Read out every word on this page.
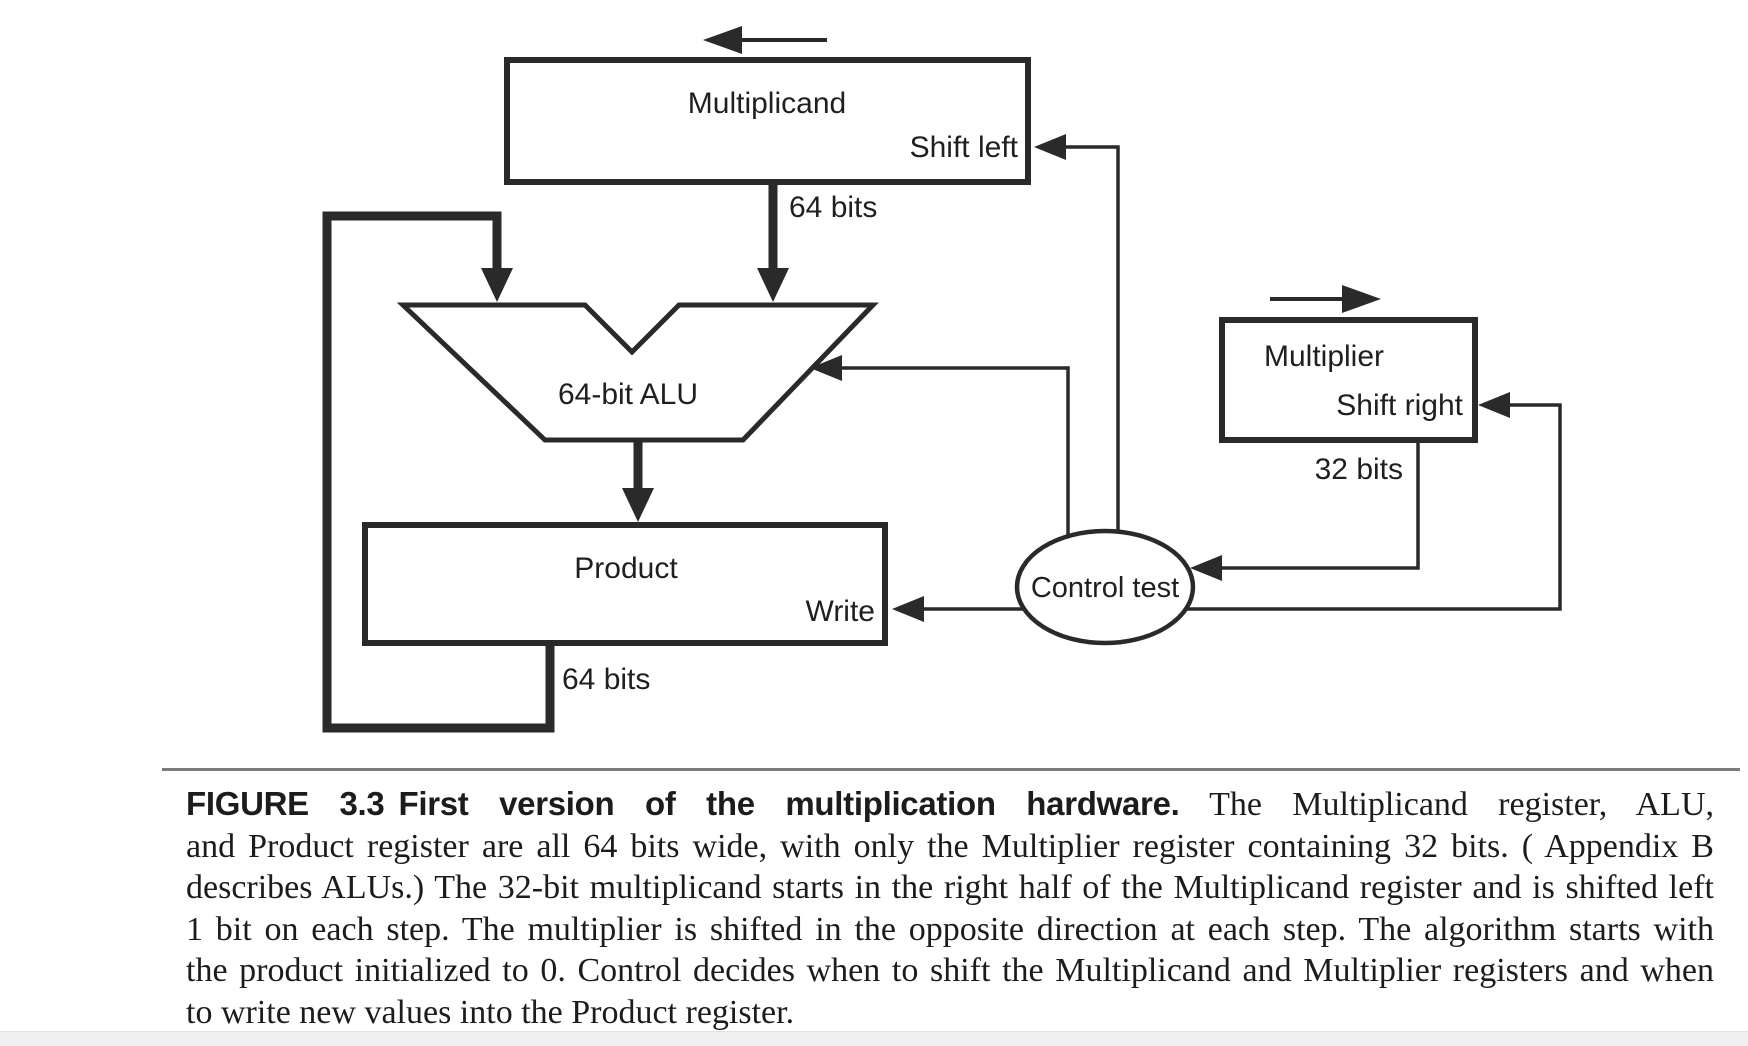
Multiplicand
Shift left
64 bits
64-bit ALU
Product
Write
64 bits
Multiplier
Shift right
32 bits
Control test
FIGURE 3.3 First version of the multiplication hardware. The Multiplicand register, ALU,
and Product register are all 64 bits wide, with only the Multiplier register containing 32 bits. ( Appendix B
describes ALUs.) The 32-bit multiplicand starts in the right half of the Multiplicand register and is shifted left
1 bit on each step. The multiplier is shifted in the opposite direction at each step. The algorithm starts with
the product initialized to 0. Control decides when to shift the Multiplicand and Multiplier registers and when
to write new values into the Product register.
